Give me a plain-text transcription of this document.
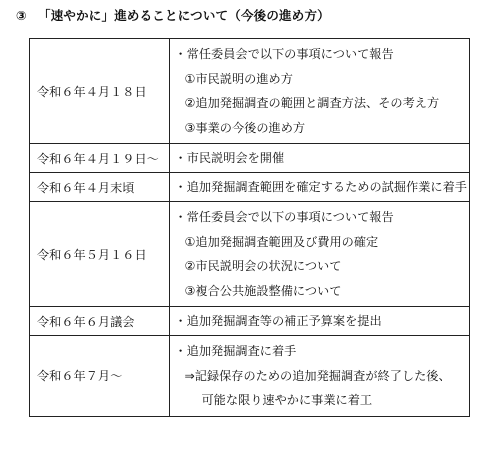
③ 「速やかに」進めることについて（今後の進め方）
令和６年４月１８日	・常任委員会で以下の事項について報告
①市民説明の進め方
②追加発掘調査の範囲と調査方法、その考え方
③事業の今後の進め方

令和６年４月１９日～	・市民説明会を開催

令和６年４月末頃	・追加発掘調査範囲を確定するための試掘作業に着手

令和６年５月１６日	・常任委員会で以下の事項について報告
①追加発掘調査範囲及び費用の確定
②市民説明会の状況について
③複合公共施設整備について

令和６年６月議会	・追加発掘調査等の補正予算案を提出

令和６年７月～	・追加発掘調査に着手
⇒記録保存のための追加発掘調査が終了した後、
可能な限り速やかに事業に着工
